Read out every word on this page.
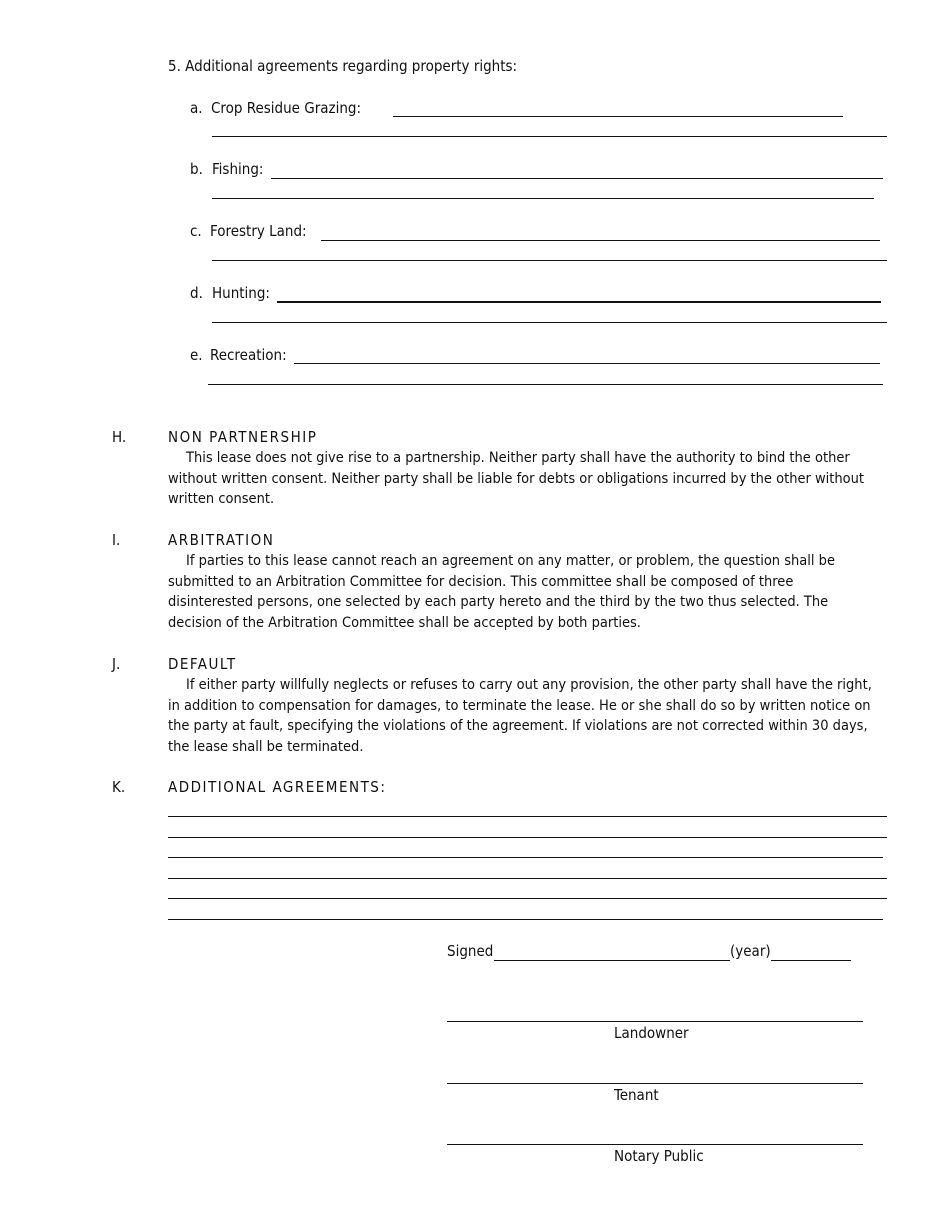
5. Additional agreements regarding property rights:
a. Crop Residue Grazing:
b. Fishing:
c. Forestry Land:
d. Hunting:
e. Recreation:
H.	NON PARTNERSHIP
This lease does not give rise to a partnership. Neither party shall have the authority to bind the other without written consent. Neither party shall be liable for debts or obligations incurred by the other without written consent.
I.	ARBITRATION
If parties to this lease cannot reach an agreement on any matter, or problem, the question shall be submitted to an Arbitration Committee for decision. This committee shall be composed of three disinterested persons, one selected by each party hereto and the third by the two thus selected. The decision of the Arbitration Committee shall be accepted by both parties.
J.	DEFAULT
If either party willfully neglects or refuses to carry out any provision, the other party shall have the right, in addition to compensation for damages, to terminate the lease. He or she shall do so by written notice on the party at fault, specifying the violations of the agreement. If violations are not corrected within 30 days, the lease shall be terminated.
K.	ADDITIONAL AGREEMENTS:
Signed	(year)
Landowner
Tenant
Notary Public
